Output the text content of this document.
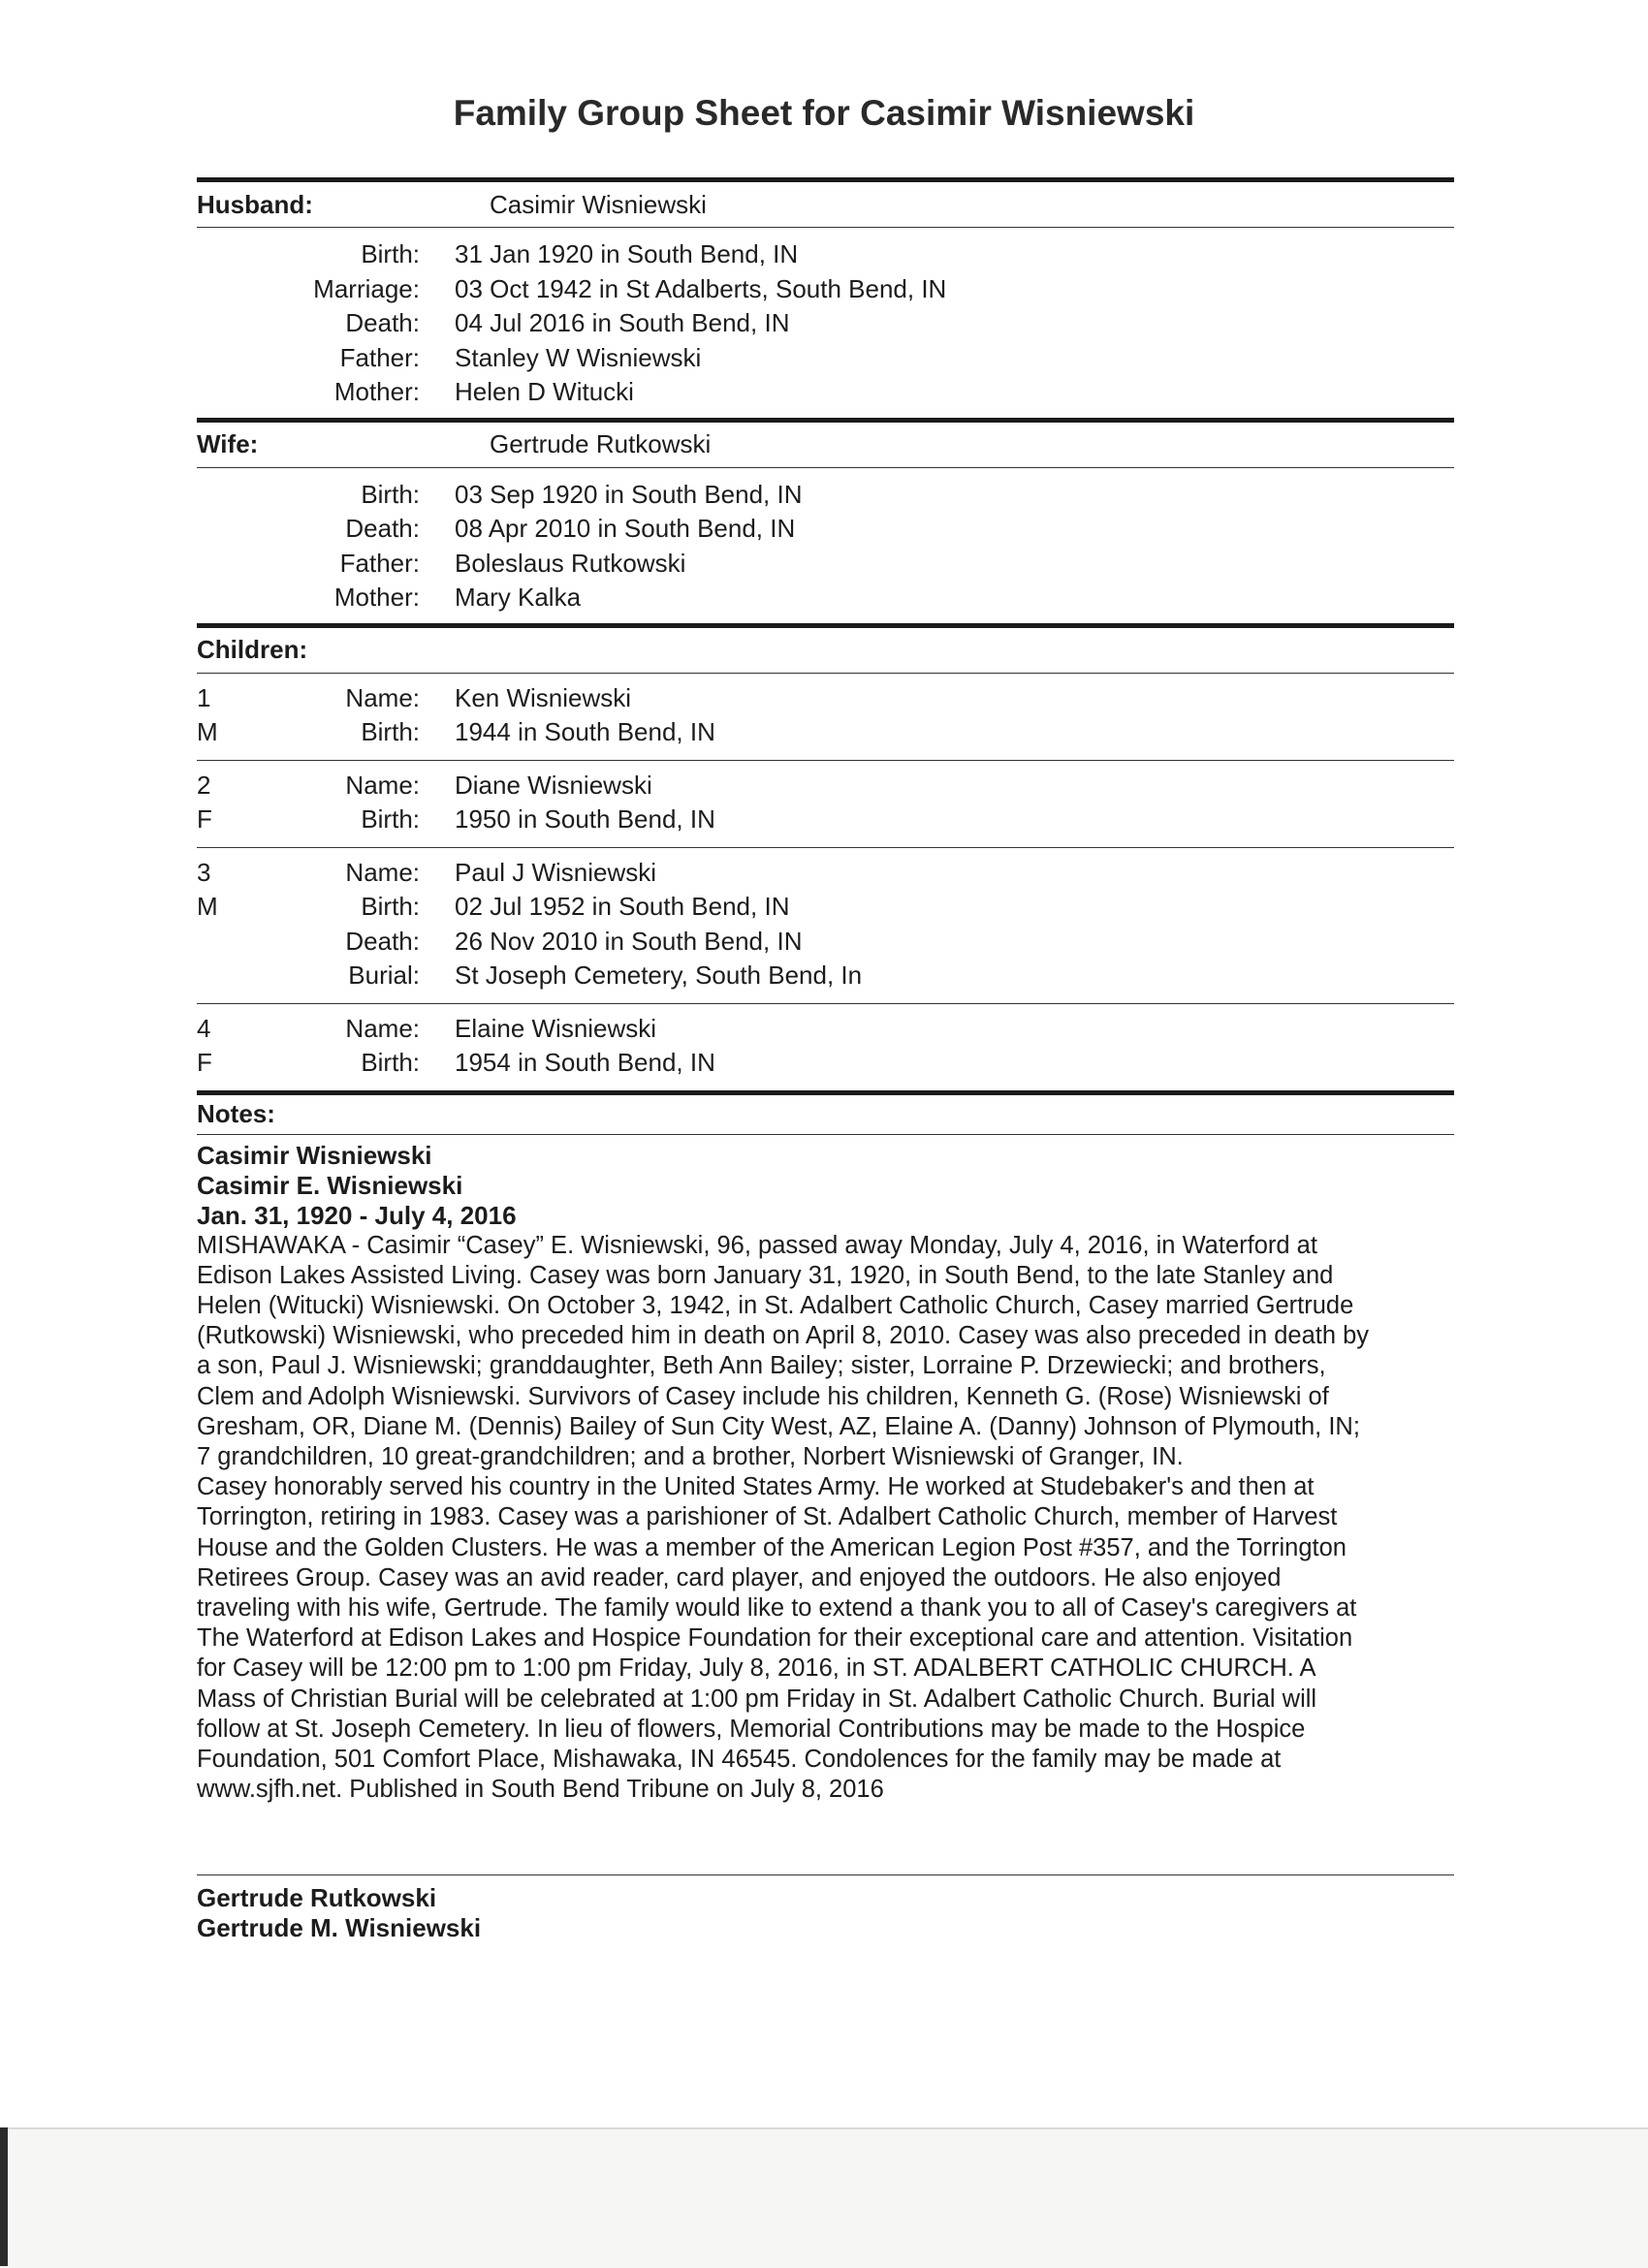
Family Group Sheet for Casimir Wisniewski
Husband:	Casimir Wisniewski
Birth:	31 Jan 1920 in South Bend, IN
Marriage:	03 Oct 1942 in St Adalberts, South Bend, IN
Death:	04 Jul 2016 in South Bend, IN
Father:	Stanley W Wisniewski
Mother:	Helen D Witucki
Wife:	Gertrude Rutkowski
Birth:	03 Sep 1920 in South Bend, IN
Death:	08 Apr 2010 in South Bend, IN
Father:	Boleslaus Rutkowski
Mother:	Mary Kalka
Children:
1	Name:	Ken Wisniewski
M	Birth:	1944 in South Bend, IN
2	Name:	Diane Wisniewski
F	Birth:	1950 in South Bend, IN
3	Name:	Paul J Wisniewski
M	Birth:	02 Jul 1952 in South Bend, IN
Death:	26 Nov 2010 in South Bend, IN
Burial:	St Joseph Cemetery, South Bend, In
4	Name:	Elaine Wisniewski
F	Birth:	1954 in South Bend, IN
Notes:
Casimir Wisniewski
Casimir E. Wisniewski
Jan. 31, 1920 - July 4, 2016
MISHAWAKA - Casimir “Casey” E. Wisniewski, 96, passed away Monday, July 4, 2016, in Waterford at
Edison Lakes Assisted Living. Casey was born January 31, 1920, in South Bend, to the late Stanley and
Helen (Witucki) Wisniewski. On October 3, 1942, in St. Adalbert Catholic Church, Casey married Gertrude
(Rutkowski) Wisniewski, who preceded him in death on April 8, 2010. Casey was also preceded in death by
a son, Paul J. Wisniewski; granddaughter, Beth Ann Bailey; sister, Lorraine P. Drzewiecki; and brothers,
Clem and Adolph Wisniewski. Survivors of Casey include his children, Kenneth G. (Rose) Wisniewski of
Gresham, OR, Diane M. (Dennis) Bailey of Sun City West, AZ, Elaine A. (Danny) Johnson of Plymouth, IN;
7 grandchildren, 10 great-grandchildren; and a brother, Norbert Wisniewski of Granger, IN.
Casey honorably served his country in the United States Army. He worked at Studebaker's and then at
Torrington, retiring in 1983. Casey was a parishioner of St. Adalbert Catholic Church, member of Harvest
House and the Golden Clusters. He was a member of the American Legion Post #357, and the Torrington
Retirees Group. Casey was an avid reader, card player, and enjoyed the outdoors. He also enjoyed
traveling with his wife, Gertrude. The family would like to extend a thank you to all of Casey's caregivers at
The Waterford at Edison Lakes and Hospice Foundation for their exceptional care and attention. Visitation
for Casey will be 12:00 pm to 1:00 pm Friday, July 8, 2016, in ST. ADALBERT CATHOLIC CHURCH. A
Mass of Christian Burial will be celebrated at 1:00 pm Friday in St. Adalbert Catholic Church. Burial will
follow at St. Joseph Cemetery. In lieu of flowers, Memorial Contributions may be made to the Hospice
Foundation, 501 Comfort Place, Mishawaka, IN 46545. Condolences for the family may be made at
www.sjfh.net. Published in South Bend Tribune on July 8, 2016
Gertrude Rutkowski
Gertrude M. Wisniewski
